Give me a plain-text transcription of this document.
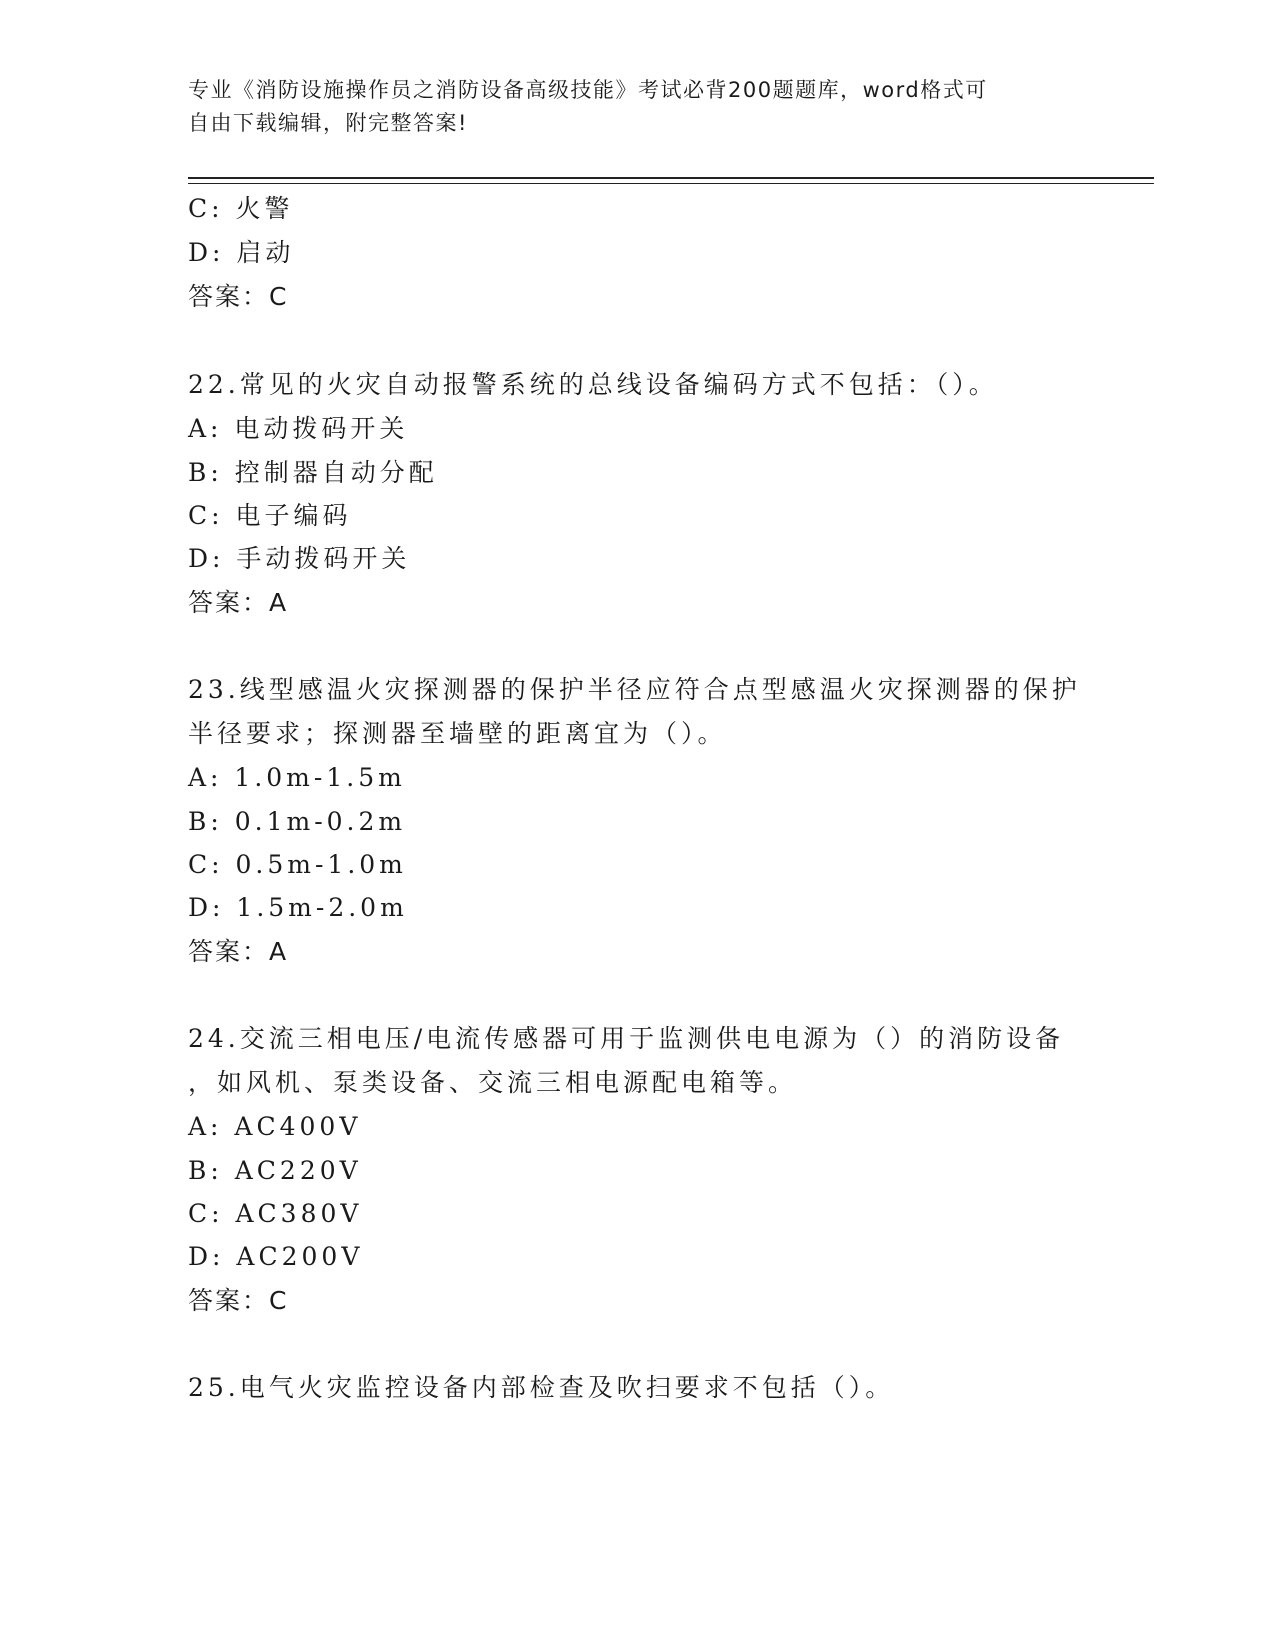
专业《消防设施操作员之消防设备高级技能》考试必背200题题库，word格式可
自由下载编辑，附完整答案!
C: 火警
D: 启动
答案：C
22.常见的火灾自动报警系统的总线设备编码方式不包括：（）。
A: 电动拨码开关
B: 控制器自动分配
C: 电子编码
D: 手动拨码开关
答案：A
23.线型感温火灾探测器的保护半径应符合点型感温火灾探测器的保护
半径要求；探测器至墙壁的距离宜为（）。
A: 1.0m-1.5m
B: 0.1m-0.2m
C: 0.5m-1.0m
D: 1.5m-2.0m
答案：A
24.交流三相电压/电流传感器可用于监测供电电源为（）的消防设备
，如风机、泵类设备、交流三相电源配电箱等。
A: AC400V
B: AC220V
C: AC380V
D: AC200V
答案：C
25.电气火灾监控设备内部检查及吹扫要求不包括（）。
